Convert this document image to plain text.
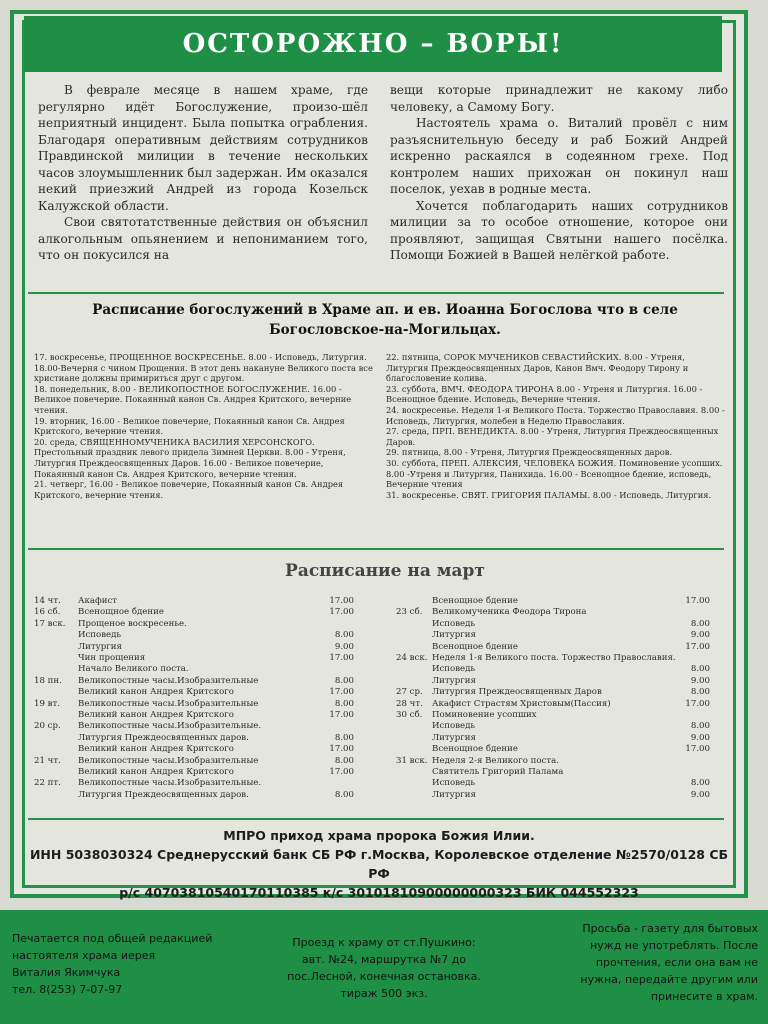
ОСТОРОЖНО – ВОРЫ!

В феврале месяце в нашем храме, где регулярно идёт Богослужение, произо-шёл неприятный инцидент. Была попытка ограбления. Благодаря оперативным действиям сотрудников Правдинской милиции в течение нескольких часов злоумышленник был задержан. Им оказался некий приезжий Андрей из города Козельск Калужской области.

Свои святотатственные действия он объяснил алкогольным опьянением и непониманием того, что он покусился на

вещи которые принадлежит не какому либо человеку, а Самому Богу.

Настоятель храма о. Виталий провёл с ним разъяснительную беседу и раб Божий Андрей искренно раскаялся в содеянном грехе. Под контролем наших прихожан он покинул наш поселок, уехав в родные места.

Хочется поблагодарить наших сотрудников милиции за то особое отношение, которое они проявляют, защищая Святыни нашего посёлка. Помощи Божией в Вашей нелёгкой работе.

Расписание богослужений в Храме ап. и ев. Иоанна Богослова что в селе Богословское-на-Могильцах.

17. воскресенье, ПРОЩЕННОЕ ВОСКРЕСЕНЬЕ. 8.00 - Исповедь, Литургия. 18.00-Вечерня с чином Прощения. В этот день накануне Великого поста все христиане должны примириться друг с другом.

18. понедельник, 8.00 - ВЕЛИКОПОСТНОЕ БОГОСЛУЖЕНИЕ. 16.00 - Великое повечерие. Покаянный канон Св. Андрея Критского, вечерние чтения.

19. вторник, 16.00 - Великое повечерие, Покаянный канон Св. Андрея Критского, вечерние чтения.

20. среда, СВЯЩЕННОМУЧЕНИКА ВАСИЛИЯ ХЕРСОНСКОГО. Престольный праздник левого придела Зимней Церкви. 8.00 - Утреня, Литургия Преждеосвященных Даров. 16.00 - Великое повечерие, Покаянный канон Св. Андрея Критского, вечерние чтения.

21. четверг, 16.00 - Великое повечерие, Покаянный канон Св. Андрея Критского, вечерние чтения.

22. пятница, СОРОК МУЧЕНИКОВ СЕВАСТИЙСКИХ. 8.00 - Утреня, Литургия Преждеосвященных Даров, Канон Вмч. Феодору Тирону и благословение колива.

23. суббота, ВМЧ. ФЕОДОРА ТИРОНА 8.00 - Утреня и Литургия. 16.00 - Всенощное бдение. Исповедь, Вечерние чтения.

24. воскресенье. Неделя 1-я Великого Поста. Торжество Православия. 8.00 - Исповедь, Литургия, молебен в Неделю Православия.

27. среда, ПРП. ВЕНЕДИКТА. 8.00 - Утреня, Литургия Преждеосвященных Даров.

29. пятница, 8.00 - Утреня, Литургия Преждеосвященных даров.

30. суббота, ПРЕП. АЛЕКСИЯ, ЧЕЛОВЕКА БОЖИЯ. Поминовение усопших. 8.00 -Утреня и Литургия, Панихида. 16.00 - Всенощное бдение, исповедь, Вечерние чтения

31. воскресенье. СВЯТ. ГРИГОРИЯ ПАЛАМЫ. 8.00 - Исповедь, Литургия.

Расписание на март
14 чт.	Акафист	17.00
16 сб.	Всенощное бдение	17.00
17 вск.	Прощеное воскресенье.
Исповедь	8.00
Литургия	9.00
Чин прощения	17.00
Начало Великого поста.
18 пн.	Великопостные часы.Изобразительные	8.00
Великий канон Андрея Критского	17.00
19 вт.	Великопостные часы.Изобразительные	8.00
Великий канон Андрея Критского	17.00
20 ср.	Великопостные часы.Изобразительные.
Литургия Преждеосвященных даров.	8.00
Великий канон Андрея Критского	17.00
21 чт.	Великопостные часы.Изобразительные	8.00
Великий канон Андрея Критского	17.00
22 пт.	Великопостные часы.Изобразительные.
Литургия Преждеосвященных даров.	8.00
Всенощное бдение	17.00
23 сб.	Великомученика Феодора Тирона
Исповедь	8.00
Литургия	9.00
Всенощное бдение	17.00
24 вск. Неделя 1-я Великого поста. Торжество Православия.
Исповедь	8.00
Литургия	9.00
27 ср.	Литургия Преждеосвященных Даров	8.00
28 чт.	Акафист Страстям Христовым(Пассия)	17.00
30 сб.	Поминовение усопших
Исповедь	8.00
Литургия	9.00
Всенощное бдение	17.00
31 вск. Неделя 2-я Великого поста.
Святитель Григорий Палама
Исповедь	8.00
Литургия	9.00
МПРО приход храма пророка Божия Илии.
ИНН 5038030324 Среднерусский банк СБ РФ г.Москва, Королевское отделение №2570/0128 СБ РФ
р/с 40703810540170110385 к/с 30101810900000000323 БИК 044552323
Печатается под общей редакцией
настоятеля храма иерея
Виталия Якимчука
тел. 8(253) 7-07-97
Проезд к храму от ст.Пушкино:
авт. №24, маршрутка №7 до
пос.Лесной, конечная остановка.
тираж 500 экз.
Просьба - газету для бытовых
нужд не употреблять. После
прочтения, если она вам не
нужна, передайте другим или
принесите в храм.
